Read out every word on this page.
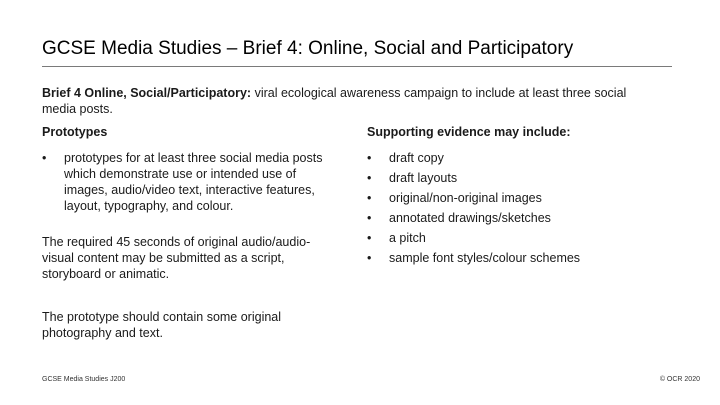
GCSE Media Studies – Brief 4: Online, Social and Participatory
Brief 4 Online, Social/Participatory: viral ecological awareness campaign to include at least three social media posts.
Prototypes
•	prototypes for at least three social media posts which demonstrate use or intended use of images, audio/video text, interactive features, layout, typography, and colour.
The required 45 seconds of original audio/audio-visual content may be submitted as a script, storyboard or animatic.
The prototype should contain some original photography and text.
Supporting evidence may include:
•	draft copy
•	draft layouts
•	original/non-original images
•	annotated drawings/sketches
•	a pitch
•	sample font styles/colour schemes
GCSE Media Studies J200	© OCR 2020
